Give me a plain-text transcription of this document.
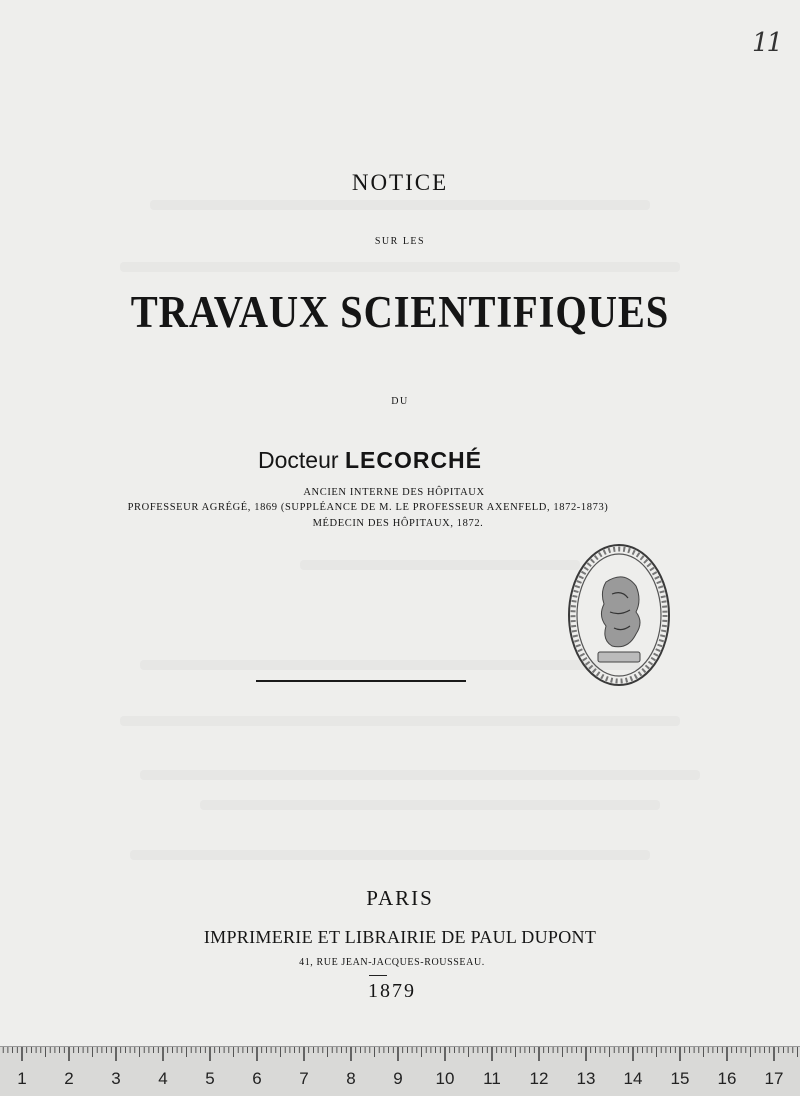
11
NOTICE
SUR LES
TRAVAUX SCIENTIFIQUES
DU
Docteur LECORCHÉ
ANCIEN INTERNE DES HÔPITAUX
PROFESSEUR AGRÉGÉ, 1869 (SUPPLÉANCE DE M. LE PROFESSEUR AXENFELD, 1872-1873)
MÉDECIN DES HÔPITAUX, 1872.
PARIS
IMPRIMERIE ET LIBRAIRIE DE PAUL DUPONT
41, RUE JEAN-JACQUES-ROUSSEAU.
1879
1	2	3	4	5	6	7	8	9	10	11	12	13	14	15	16	17
